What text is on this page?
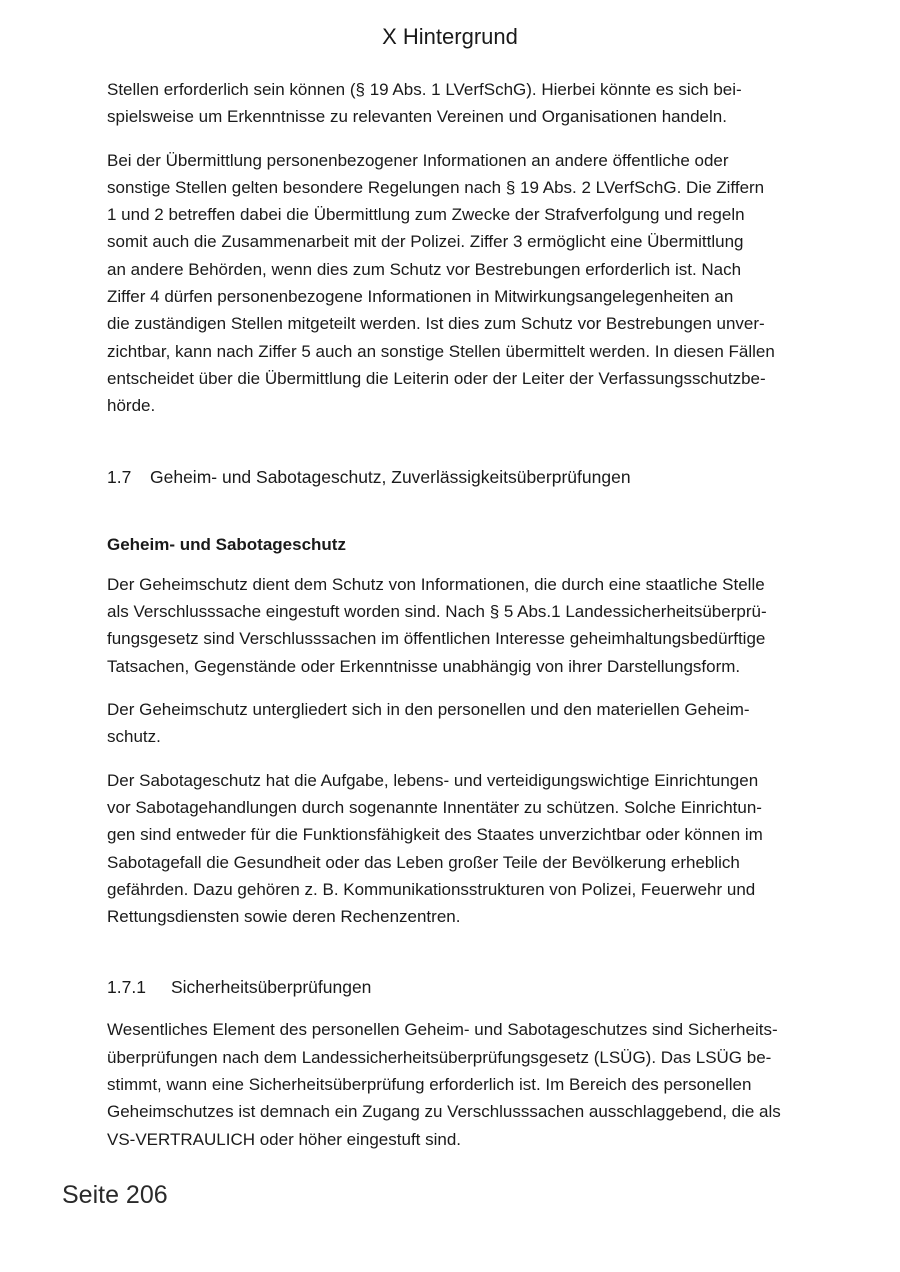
X Hintergrund

Stellen erforderlich sein können (§ 19 Abs. 1 LVerfSchG). Hierbei könnte es sich bei-
spielsweise um Erkenntnisse zu relevanten Vereinen und Organisationen handeln.

Bei der Übermittlung personenbezogener Informationen an andere öffentliche oder
sonstige Stellen gelten besondere Regelungen nach § 19 Abs. 2 LVerfSchG. Die Ziffern
1 und 2 betreffen dabei die Übermittlung zum Zwecke der Strafverfolgung und regeln
somit auch die Zusammenarbeit mit der Polizei. Ziffer 3 ermöglicht eine Übermittlung
an andere Behörden, wenn dies zum Schutz vor Bestrebungen erforderlich ist. Nach
Ziffer 4 dürfen personenbezogene Informationen in Mitwirkungsangelegenheiten an
die zuständigen Stellen mitgeteilt werden. Ist dies zum Schutz vor Bestrebungen unver-
zichtbar, kann nach Ziffer 5 auch an sonstige Stellen übermittelt werden. In diesen Fällen
entscheidet über die Übermittlung die Leiterin oder der Leiter der Verfassungsschutzbe-
hörde.

1.7	Geheim- und Sabotageschutz, Zuverlässigkeitsüberprüfungen
Geheim- und Sabotageschutz

Der Geheimschutz dient dem Schutz von Informationen, die durch eine staatliche Stelle
als Verschlusssache eingestuft worden sind. Nach § 5 Abs.1 Landessicherheitsüberprü-
fungsgesetz sind Verschlusssachen im öffentlichen Interesse geheimhaltungsbedürftige
Tatsachen, Gegenstände oder Erkenntnisse unabhängig von ihrer Darstellungsform.

Der Geheimschutz untergliedert sich in den personellen und den materiellen Geheim-
schutz.

Der Sabotageschutz hat die Aufgabe, lebens- und verteidigungswichtige Einrichtungen
vor Sabotagehandlungen durch sogenannte Innentäter zu schützen. Solche Einrichtun-
gen sind entweder für die Funktionsfähigkeit des Staates unverzichtbar oder können im
Sabotagefall die Gesundheit oder das Leben großer Teile der Bevölkerung erheblich
gefährden. Dazu gehören z. B. Kommunikationsstrukturen von Polizei, Feuerwehr und
Rettungsdiensten sowie deren Rechenzentren.

1.7.1	Sicherheitsüberprüfungen

Wesentliches Element des personellen Geheim- und Sabotageschutzes sind Sicherheits-
überprüfungen nach dem Landessicherheitsüberprüfungsgesetz (LSÜG). Das LSÜG be-
stimmt, wann eine Sicherheitsüberprüfung erforderlich ist. Im Bereich des personellen
Geheimschutzes ist demnach ein Zugang zu Verschlusssachen ausschlaggebend, die als
VS-VERTRAULICH oder höher eingestuft sind.

Seite 206
